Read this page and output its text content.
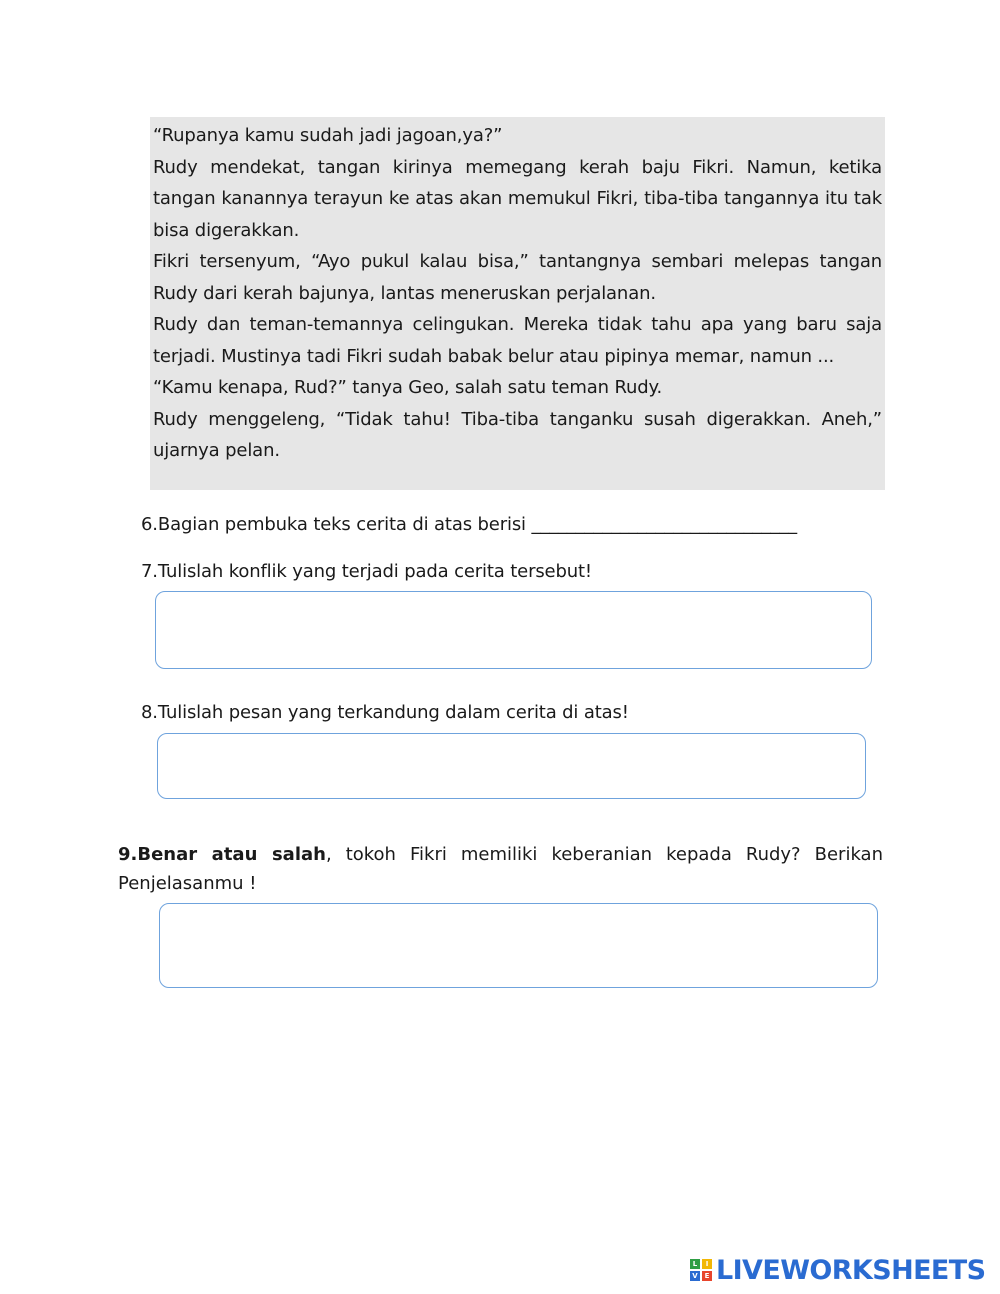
“Rupanya kamu sudah jadi jagoan,ya?”

Rudy mendekat, tangan kirinya memegang kerah baju Fikri. Namun, ketika tangan kanannya terayun ke atas akan memukul Fikri, tiba-tiba tangannya itu tak bisa digerakkan.

Fikri tersenyum, “Ayo pukul kalau bisa,” tantangnya sembari melepas tangan Rudy dari kerah bajunya, lantas meneruskan perjalanan.

Rudy dan teman-temannya celingukan. Mereka tidak tahu apa yang baru saja terjadi. Mustinya tadi Fikri sudah babak belur atau pipinya memar, namun ...

“Kamu kenapa, Rud?” tanya Geo, salah satu teman Rudy.

Rudy menggeleng, “Tidak tahu! Tiba-tiba tanganku susah digerakkan. Aneh,” ujarnya pelan.

6.Bagian pembuka teks cerita di atas berisi ______________________________

7.Tulislah konflik yang terjadi pada cerita tersebut!

8.Tulislah pesan yang terkandung dalam cerita di atas!

9.Benar atau salah, tokoh Fikri memiliki keberanian kepada Rudy? Berikan Penjelasanmu !

L	I
V E LIVEWORKSHEETS
